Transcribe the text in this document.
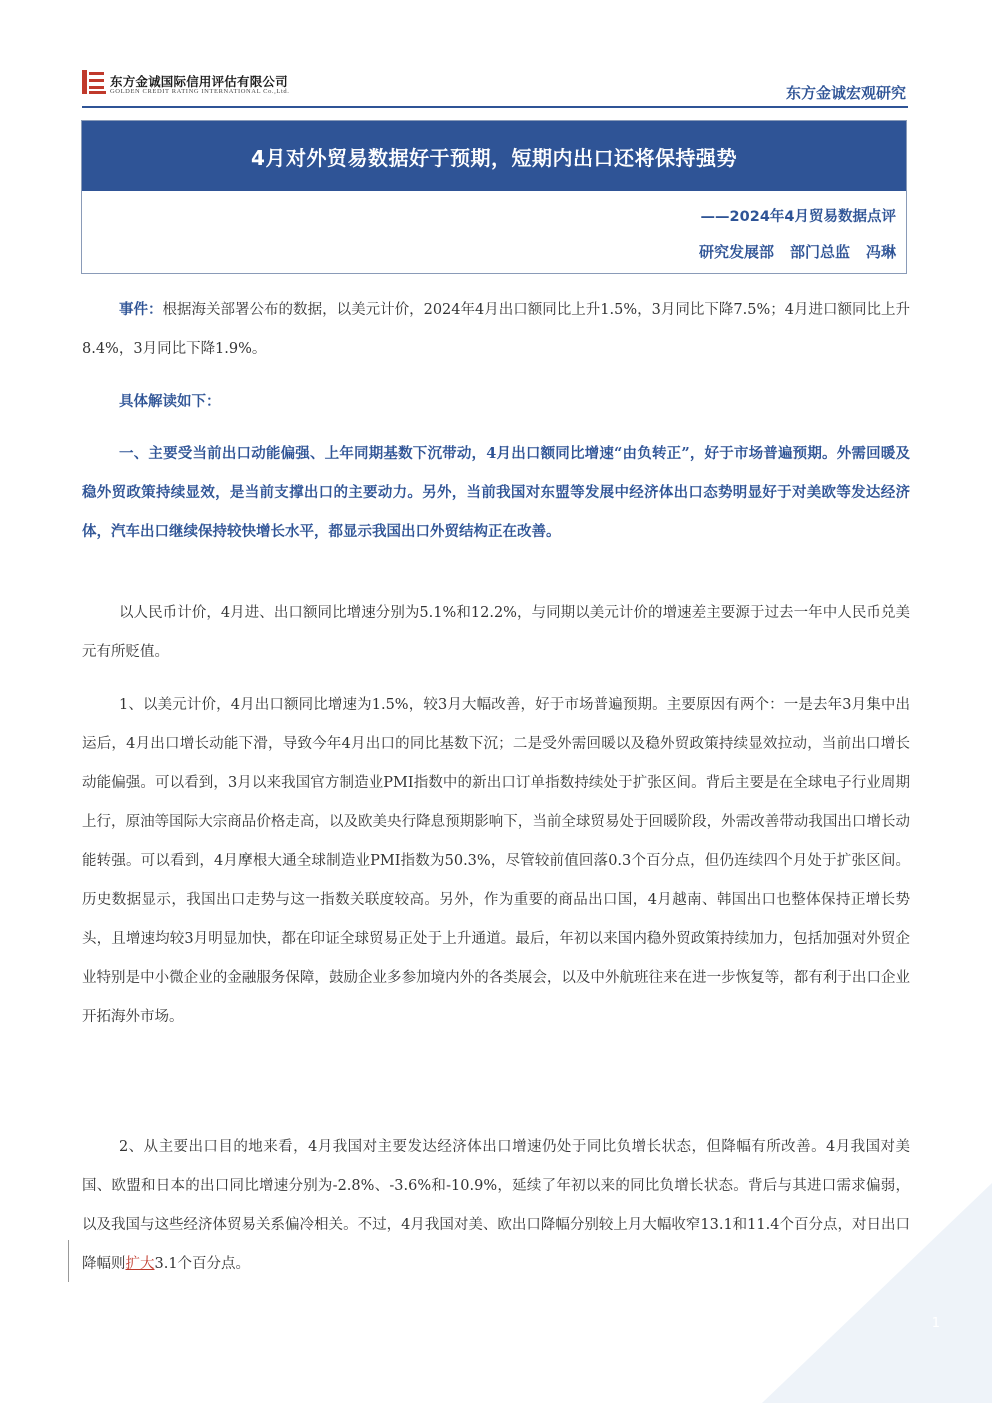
东方金诚国际信用评估有限公司
GOLDEN CREDIT RATING INTERNATIONAL Co.,Ltd.	东方金诚宏观研究
4月对外贸易数据好于预期，短期内出口还将保持强势
——2024年4月贸易数据点评
研究发展部 部门总监 冯琳
事件：根据海关部署公布的数据，以美元计价，2024年4月出口额同比上升1.5%，3月同比下降7.5%；4月进口额同比上升8.4%，3月同比下降1.9%。
具体解读如下：
一、主要受当前出口动能偏强、上年同期基数下沉带动，4月出口额同比增速“由负转正”，好于市场普遍预期。外需回暖及稳外贸政策持续显效，是当前支撑出口的主要动力。另外，当前我国对东盟等发展中经济体出口态势明显好于对美欧等发达经济体，汽车出口继续保持较快增长水平，都显示我国出口外贸结构正在改善。
以人民币计价，4月进、出口额同比增速分别为5.1%和12.2%，与同期以美元计价的增速差主要源于过去一年中人民币兑美元有所贬值。
1、以美元计价，4月出口额同比增速为1.5%，较3月大幅改善，好于市场普遍预期。主要原因有两个：一是去年3月集中出运后，4月出口增长动能下滑，导致今年4月出口的同比基数下沉；二是受外需回暖以及稳外贸政策持续显效拉动，当前出口增长动能偏强。可以看到，3月以来我国官方制造业PMI指数中的新出口订单指数持续处于扩张区间。背后主要是在全球电子行业周期上行，原油等国际大宗商品价格走高，以及欧美央行降息预期影响下，当前全球贸易处于回暖阶段，外需改善带动我国出口增长动能转强。可以看到，4月摩根大通全球制造业PMI指数为50.3%，尽管较前值回落0.3个百分点，但仍连续四个月处于扩张区间。历史数据显示，我国出口走势与这一指数关联度较高。另外，作为重要的商品出口国，4月越南、韩国出口也整体保持正增长势头，且增速均较3月明显加快，都在印证全球贸易正处于上升通道。最后，年初以来国内稳外贸政策持续加力，包括加强对外贸企业特别是中小微企业的金融服务保障，鼓励企业多参加境内外的各类展会，以及中外航班往来在进一步恢复等，都有利于出口企业开拓海外市场。
2、从主要出口目的地来看，4月我国对主要发达经济体出口增速仍处于同比负增长状态，但降幅有所改善。4月我国对美国、欧盟和日本的出口同比增速分别为-2.8%、-3.6%和-10.9%，延续了年初以来的同比负增长状态。背后与其进口需求偏弱，以及我国与这些经济体贸易关系偏冷相关。不过，4月我国对美、欧出口降幅分别较上月大幅收窄13.1和11.4个百分点，对日出口降幅则扩大3.1个百分点。
1
